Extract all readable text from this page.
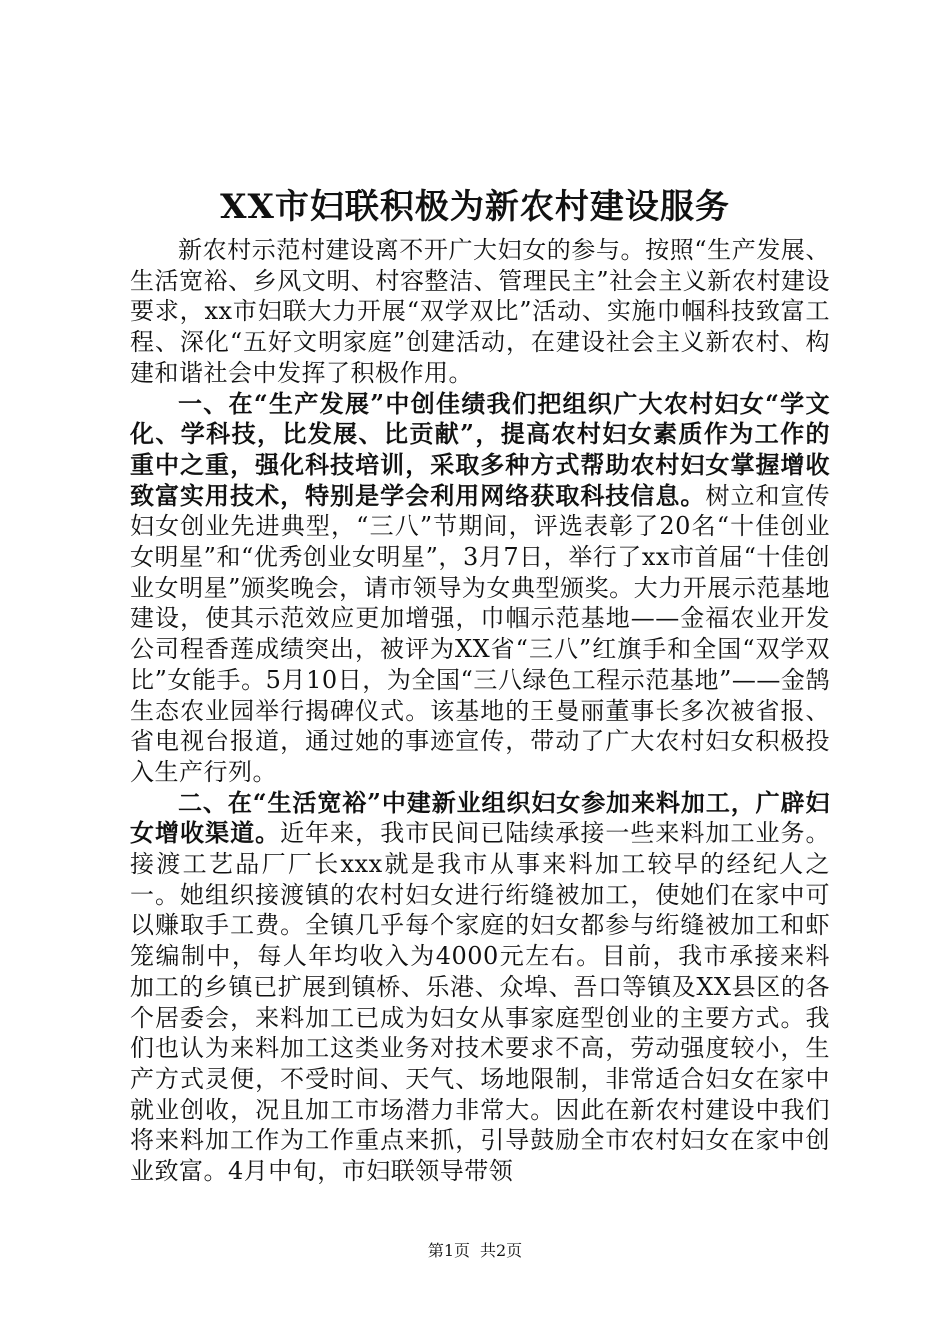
XX市妇联积极为新农村建设服务

新农村示范村建设离不开广大妇女的参与。按照“生产发展、生活宽裕、乡风文明、村容整洁、管理民主”社会主义新农村建设要求，xx市妇联大力开展“双学双比”活动、实施巾帼科技致富工程、深化“五好文明家庭”创建活动，在建设社会主义新农村、构建和谐社会中发挥了积极作用。

一、在“生产发展”中创佳绩我们把组织广大农村妇女“学文化、学科技，比发展、比贡献”，提高农村妇女素质作为工作的重中之重，强化科技培训，采取多种方式帮助农村妇女掌握增收致富实用技术，特别是学会利用网络获取科技信息。树立和宣传妇女创业先进典型，“三八”节期间，评选表彰了20名“十佳创业女明星”和“优秀创业女明星”，3月7日，举行了xx市首届“十佳创业女明星”颁奖晚会，请市领导为女典型颁奖。大力开展示范基地建设，使其示范效应更加增强，巾帼示范基地——金福农业开发公司程香莲成绩突出，被评为XX省“三八”红旗手和全国“双学双比”女能手。5月10日，为全国“三八绿色工程示范基地”——金鹄生态农业园举行揭碑仪式。该基地的王曼丽董事长多次被省报、省电视台报道，通过她的事迹宣传，带动了广大农村妇女积极投入生产行列。

二、在“生活宽裕”中建新业组织妇女参加来料加工，广辟妇女增收渠道。近年来，我市民间已陆续承接一些来料加工业务。接渡工艺品厂厂长xxx就是我市从事来料加工较早的经纪人之一。她组织接渡镇的农村妇女进行绗缝被加工，使她们在家中可以赚取手工费。全镇几乎每个家庭的妇女都参与绗缝被加工和虾笼编制中，每人年均收入为4000元左右。目前，我市承接来料加工的乡镇已扩展到镇桥、乐港、众埠、吾口等镇及XX县区的各个居委会，来料加工已成为妇女从事家庭型创业的主要方式。我们也认为来料加工这类业务对技术要求不高，劳动强度较小，生产方式灵便，不受时间、天气、场地限制，非常适合妇女在家中就业创收，况且加工市场潜力非常大。因此在新农村建设中我们将来料加工作为工作重点来抓，引导鼓励全市农村妇女在家中创业致富。4月中旬，市妇联领导带领

第1页 共2页
